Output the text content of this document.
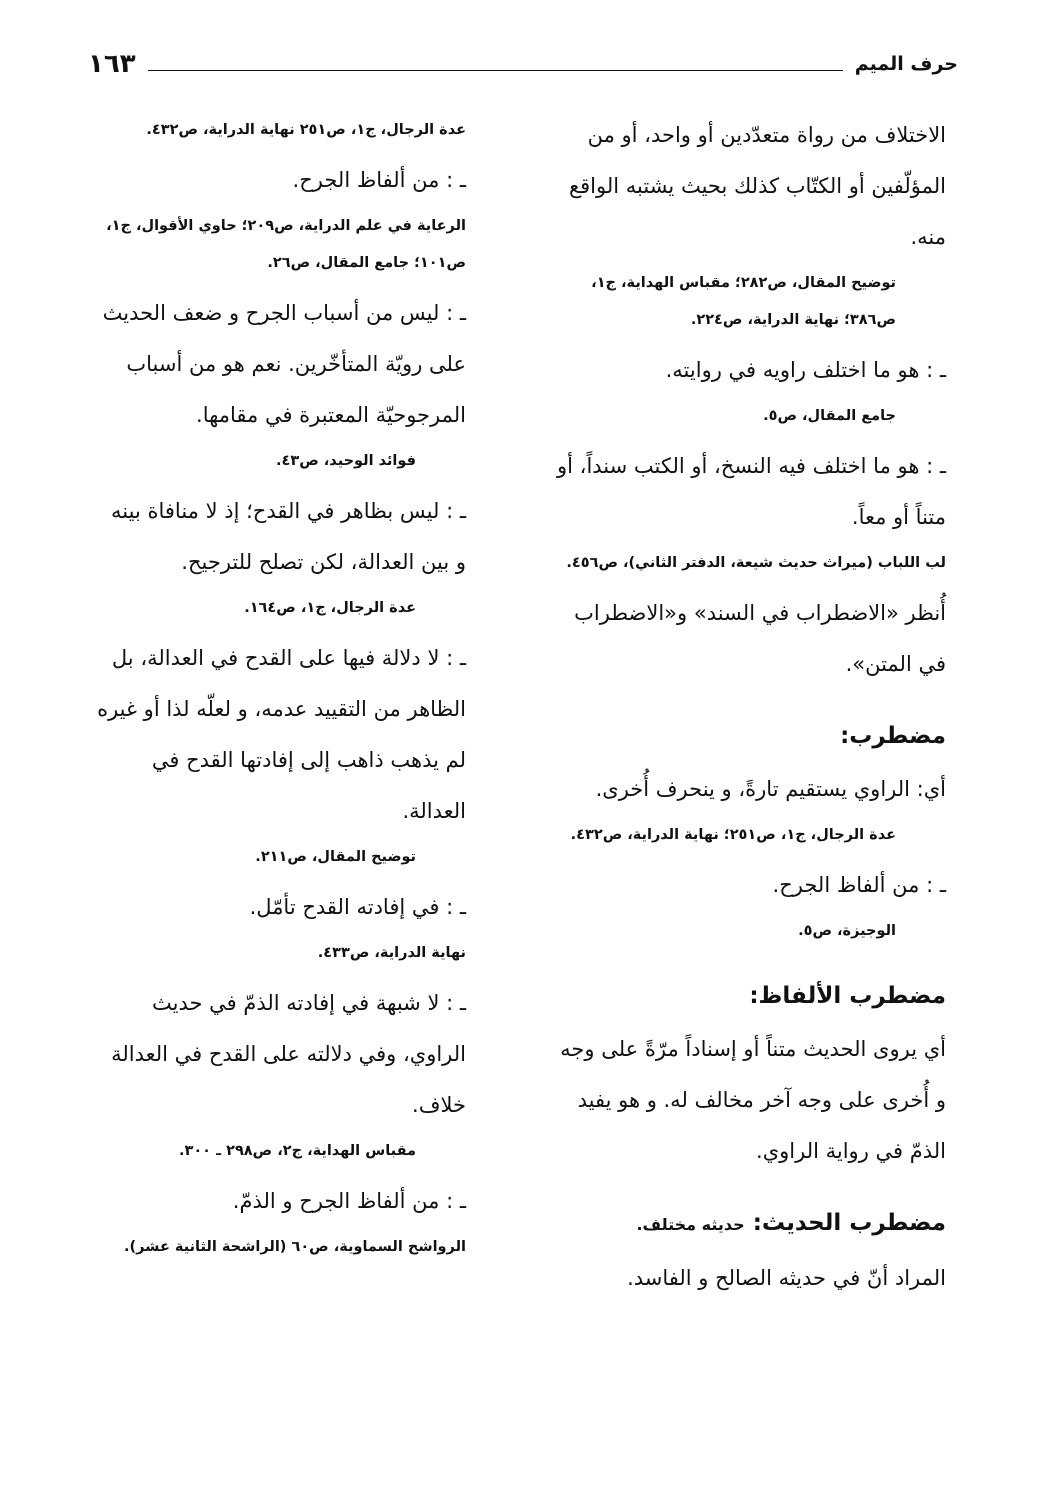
حرف الميم
١٦٣

الاختلاف من رواة متعدّدين أو واحد، أو من المؤلّفين أو الكتّاب كذلك بحيث يشتبه الواقع منه.

توضيح المقال، ص٢٨٢؛ مقباس الهداية، ج١، ص٣٨٦؛ نهاية الدراية، ص٢٢٤.

ـ : هو ما اختلف راويه في روايته.

جامع المقال، ص٥.

ـ : هو ما اختلف فيه النسخ، أو الكتب سنداً، أو متناً أو معاً.

لب اللباب (ميراث حديث شيعة، الدفتر الثاني)، ص٤٥٦.

أُنظر «الاضطراب في السند» و«الاضطراب في المتن».

مضطرب:

أي: الراوي يستقيم تارةً، و ينحرف أُخرى.

عدة الرجال، ج١، ص٢٥١؛ نهاية الدراية، ص٤٣٢.

ـ : من ألفاظ الجرح.

الوجيزة، ص٥.

مضطرب الألفاظ:

أي يروى الحديث متناً أو إسناداً مرّةً على وجه و أُخرى على وجه آخر مخالف له. و هو يفيد الذمّ في رواية الراوي.

مضطرب الحديث: حديثه مختلف.

المراد أنّ في حديثه الصالح و الفاسد.

عدة الرجال، ج١، ص٢٥١ نهاية الدراية، ص٤٣٢.

ـ : من ألفاظ الجرح.

الرعاية في علم الدراية، ص٢٠٩؛ حاوي الأقوال، ج١، ص١٠١؛ جامع المقال، ص٢٦.

ـ : ليس من أسباب الجرح و ضعف الحديث على رويّة المتأخّرين. نعم هو من أسباب المرجوحيّة المعتبرة في مقامها.

فوائد الوحيد، ص٤٣.

ـ : ليس بظاهر في القدح؛ إذ لا منافاة بينه و بين العدالة، لكن تصلح للترجيح.

عدة الرجال، ج١، ص١٦٤.

ـ : لا دلالة فيها على القدح في العدالة، بل الظاهر من التقييد عدمه، و لعلّه لذا أو غيره لم يذهب ذاهب إلى إفادتها القدح في العدالة.

توضيح المقال، ص٢١١.

ـ : في إفادته القدح تأمّل.

نهاية الدراية، ص٤٣٣.

ـ : لا شبهة في إفادته الذمّ في حديث الراوي، وفي دلالته على القدح في العدالة خلاف.

مقباس الهداية، ج٢، ص٢٩٨ ـ ٣٠٠.

ـ : من ألفاظ الجرح و الذمّ.

الرواشح السماوية، ص٦٠ (الراشحة الثانية عشر).
